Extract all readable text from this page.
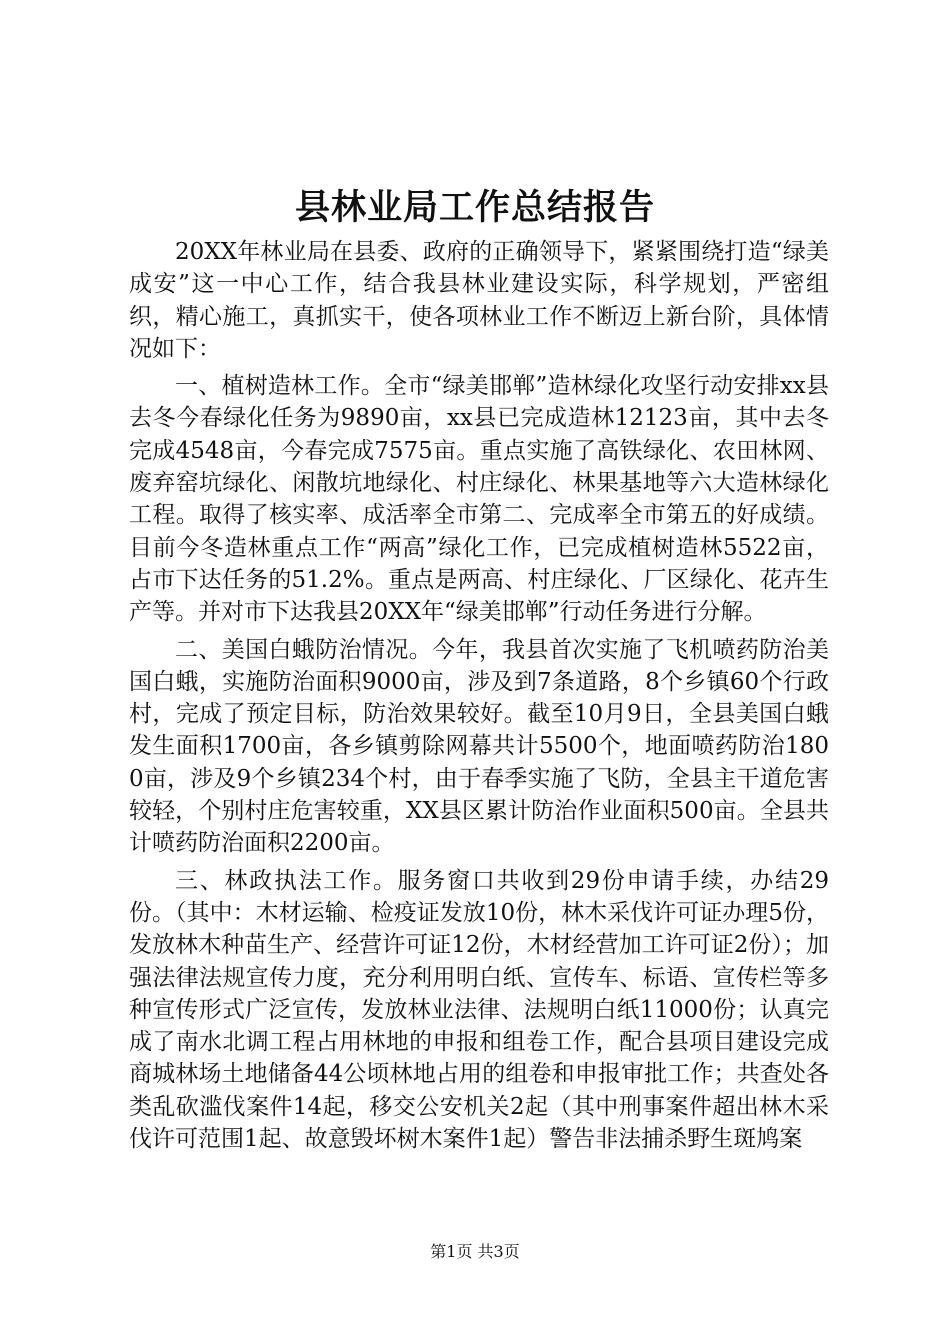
县林业局工作总结报告

20XX年林业局在县委、政府的正确领导下，紧紧围绕打造“绿美成安”这一中心工作，结合我县林业建设实际，科学规划，严密组织，精心施工，真抓实干，使各项林业工作不断迈上新台阶，具体情况如下：

一、植树造林工作。全市“绿美邯郸”造林绿化攻坚行动安排xx县去冬今春绿化任务为9890亩，xx县已完成造林12123亩，其中去冬完成4548亩，今春完成7575亩。重点实施了高铁绿化、农田林网、废弃窑坑绿化、闲散坑地绿化、村庄绿化、林果基地等六大造林绿化工程。取得了核实率、成活率全市第二、完成率全市第五的好成绩。目前今冬造林重点工作“两高”绿化工作，已完成植树造林5522亩，占市下达任务的51.2%。重点是两高、村庄绿化、厂区绿化、花卉生产等。并对市下达我县20XX年“绿美邯郸”行动任务进行分解。

二、美国白蛾防治情况。今年，我县首次实施了飞机喷药防治美国白蛾，实施防治面积9000亩，涉及到7条道路，8个乡镇60个行政村，完成了预定目标，防治效果较好。截至10月9日，全县美国白蛾发生面积1700亩，各乡镇剪除网幕共计5500个，地面喷药防治1800亩，涉及9个乡镇234个村，由于春季实施了飞防，全县主干道危害较轻，个别村庄危害较重，XX县区累计防治作业面积500亩。全县共计喷药防治面积2200亩。

三、林政执法工作。服务窗口共收到29份申请手续，办结29份。（其中：木材运输、检疫证发放10份，林木采伐许可证办理5份，发放林木种苗生产、经营许可证12份，木材经营加工许可证2份）；加强法律法规宣传力度，充分利用明白纸、宣传车、标语、宣传栏等多种宣传形式广泛宣传，发放林业法律、法规明白纸11000份；认真完成了南水北调工程占用林地的申报和组卷工作，配合县项目建设完成商城林场土地储备44公顷林地占用的组卷和申报审批工作；共查处各类乱砍滥伐案件14起，移交公安机关2起（其中刑事案件超出林木采伐许可范围1起、故意毁坏树木案件1起）警告非法捕杀野生斑鸠案

第1页 共3页
